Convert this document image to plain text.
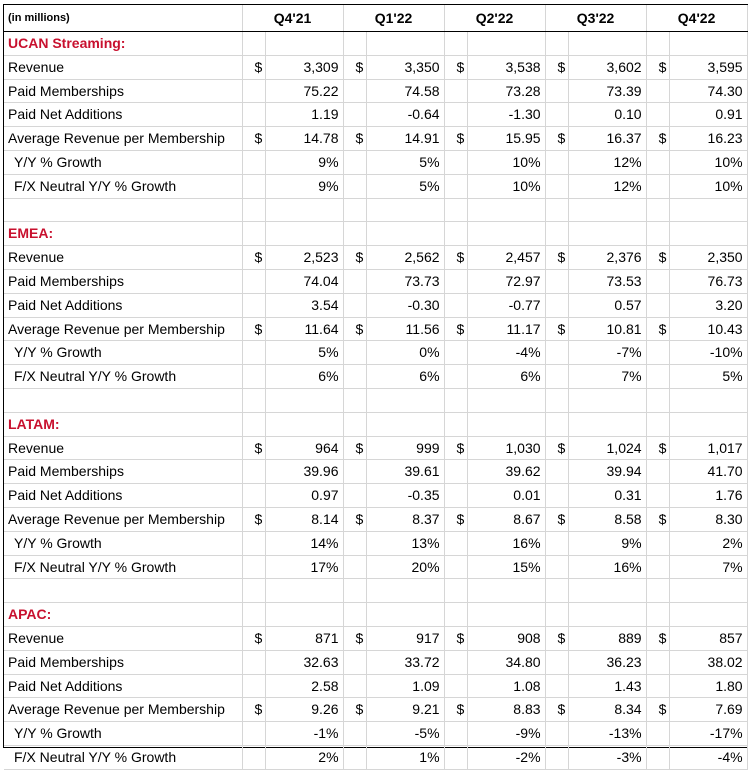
(in millions)	Q4'21		Q1'22		Q2'22		Q3'22		Q4'22	
UCAN Streaming:										
Revenue	$	3,309	$	3,350	$	3,538	$	3,602	$	3,595
Paid Memberships		75.22		74.58		73.28		73.39		74.30
Paid Net Additions		1.19		-0.64		-1.30		0.10		0.91
Average Revenue per Membership	$	14.78	$	14.91	$	15.95	$	16.37	$	16.23
Y/Y % Growth		9%		5%		10%		12%		10%
F/X Neutral Y/Y % Growth		9%		5%		10%		12%		10%

EMEA:										
Revenue	$	2,523	$	2,562	$	2,457	$	2,376	$	2,350
Paid Memberships		74.04		73.73		72.97		73.53		76.73
Paid Net Additions		3.54		-0.30		-0.77		0.57		3.20
Average Revenue per Membership	$	11.64	$	11.56	$	11.17	$	10.81	$	10.43
Y/Y % Growth		5%		0%		-4%		-7%		-10%
F/X Neutral Y/Y % Growth		6%		6%		6%		7%		5%

LATAM:										
Revenue	$	964	$	999	$	1,030	$	1,024	$	1,017
Paid Memberships		39.96		39.61		39.62		39.94		41.70
Paid Net Additions		0.97		-0.35		0.01		0.31		1.76
Average Revenue per Membership	$	8.14	$	8.37	$	8.67	$	8.58	$	8.30
Y/Y % Growth		14%		13%		16%		9%		2%
F/X Neutral Y/Y % Growth		17%		20%		15%		16%		7%

APAC:										
Revenue	$	871	$	917	$	908	$	889	$	857
Paid Memberships		32.63		33.72		34.80		36.23		38.02
Paid Net Additions		2.58		1.09		1.08		1.43		1.80
Average Revenue per Membership	$	9.26	$	9.21	$	8.83	$	8.34	$	7.69
Y/Y % Growth		-1%		-5%		-9%		-13%		-17%
F/X Neutral Y/Y % Growth		2%		1%		-2%		-3%		-4%
